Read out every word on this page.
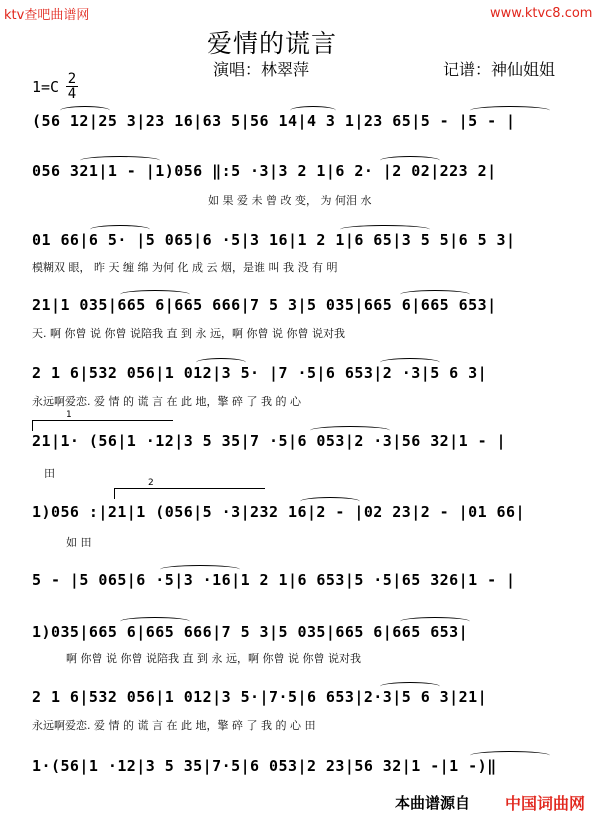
ktv查吧曲谱网	www.ktvc8.com
爱情的谎言
演唱：林翠萍	记谱：神仙姐姐
1=C 2
4
(56 12|25 3|23 16|63 5|56 14|4 3 1|23 65|5 - |5 - |
056 321|1 - |1)056 ‖:5 ·3|3 2 1|6 2· |2 02|223 2|
如 果 爱 未 曾 改 变， 为 何泪 水
01 66|6 5· |5 065|6 ·5|3 16|1 2 1|6 65|3 5 5|6 5 3|
模糊双 眼， 昨 天 缠 绵 为何 化 成 云 烟，是谁 叫 我 没 有 明
21|1 035|665 6|665 666|7 5 3|5 035|665 6|665 653|
天. 啊 你曾 说 你曾 说陪我 直 到 永 远，啊 你曾 说 你曾 说对我
2 1 6|532 056|1 012|3 5· |7 ·5|6 653|2 ·3|5 6 3|
永远啊爱恋. 爱 情 的 谎 言 在 此 地，擎 碎 了 我 的 心
1
21|1· (56|1 ·12|3 5 35|7 ·5|6 053|2 ·3|56 32|1 - |
田
2
1)056 :|21|1 (056|5 ·3|232 16|2 - |02 23|2 - |01 66|
如 田
5 - |5 065|6 ·5|3 ·16|1 2 1|6 653|5 ·5|65 326|1 - |
1)035|665 6|665 666|7 5 3|5 035|665 6|665 653|
啊 你曾 说 你曾 说陪我 直 到 永 远，啊 你曾 说 你曾 说对我
2 1 6|532 056|1 012|3 5·|7·5|6 653|2·3|5 6 3|21|
永远啊爱恋. 爱 情 的 谎 言 在 此 地，擎 碎 了 我 的 心 田
1·(56|1 ·12|3 5 35|7·5|6 053|2 23|56 32|1 -|1 -)‖
本曲谱源自 中国词曲网
